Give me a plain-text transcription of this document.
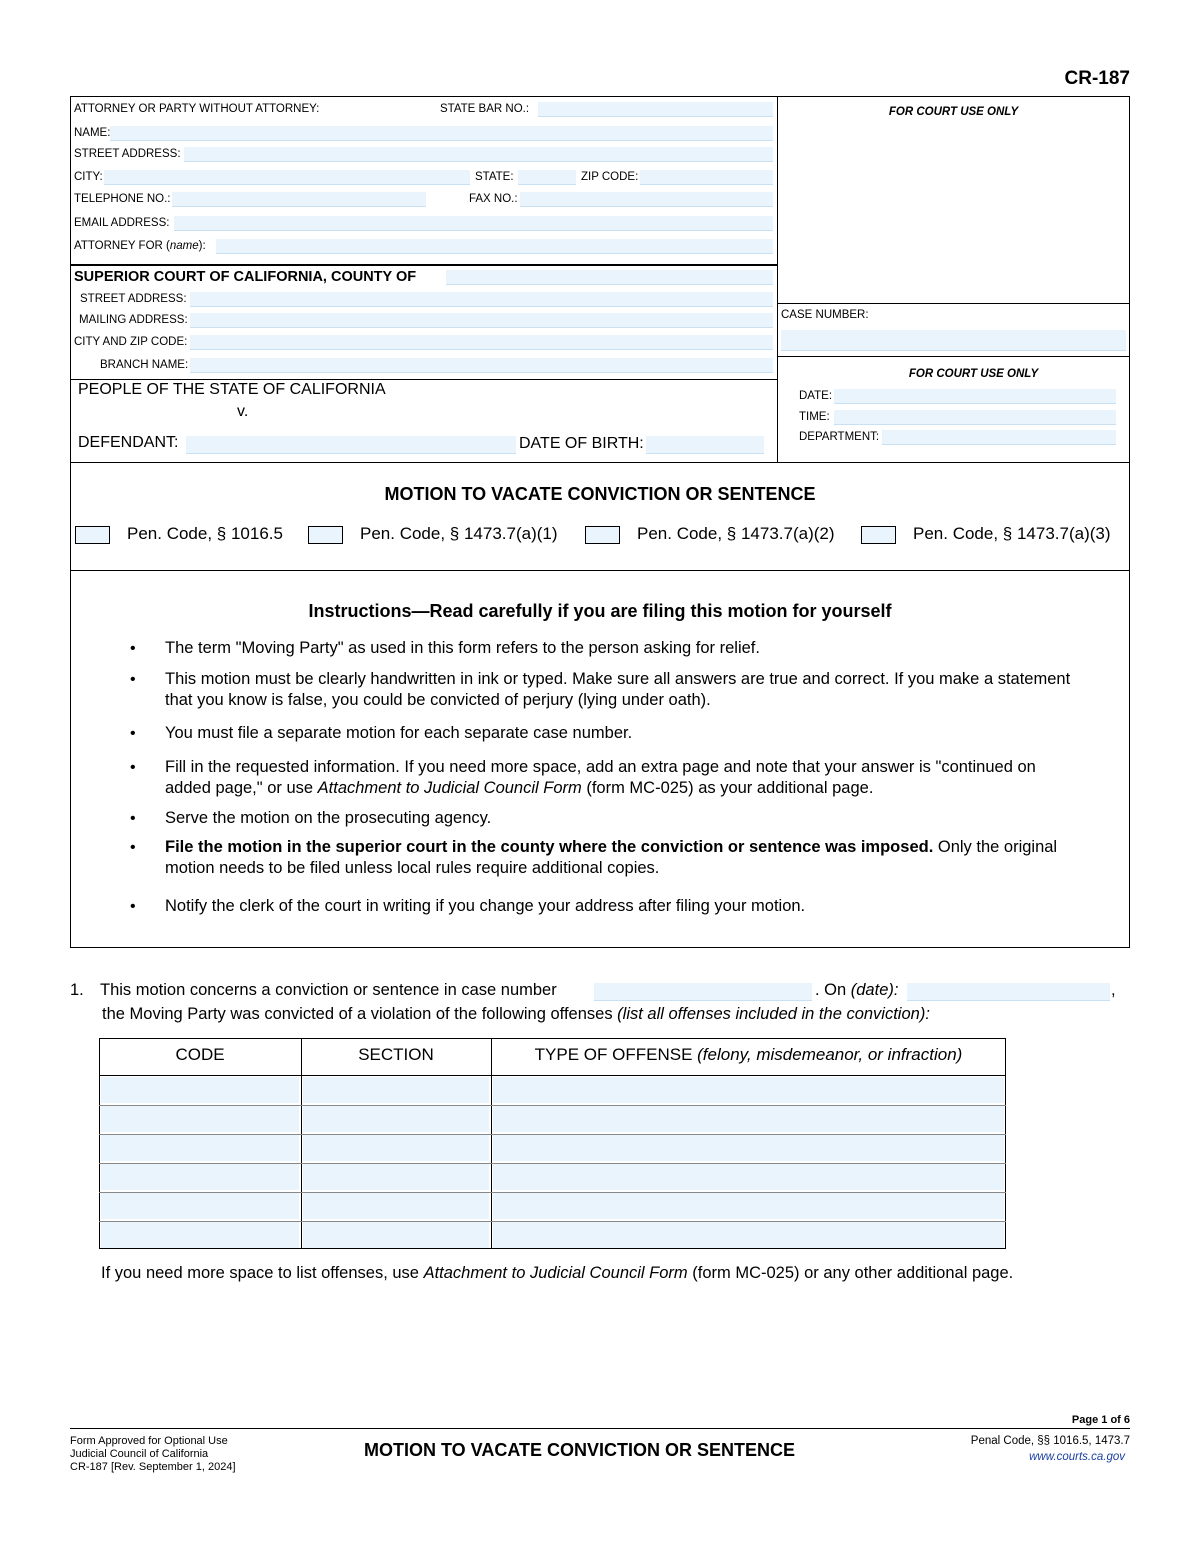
CR-187
ATTORNEY OR PARTY WITHOUT ATTORNEY:	STATE BAR NO.:
NAME:
STREET ADDRESS:
CITY:	STATE:	ZIP CODE:
TELEPHONE NO.:	FAX NO.:
EMAIL ADDRESS:
ATTORNEY FOR (name):
FOR COURT USE ONLY
SUPERIOR COURT OF CALIFORNIA, COUNTY OF
STREET ADDRESS:
MAILING ADDRESS:
CITY AND ZIP CODE:
BRANCH NAME:
CASE NUMBER:
FOR COURT USE ONLY
DATE:
TIME:
DEPARTMENT:
PEOPLE OF THE STATE OF CALIFORNIA
v.
DEFENDANT:	DATE OF BIRTH:
MOTION TO VACATE CONVICTION OR SENTENCE
Pen. Code, § 1016.5	Pen. Code, § 1473.7(a)(1)	Pen. Code, § 1473.7(a)(2)	Pen. Code, § 1473.7(a)(3)
Instructions—Read carefully if you are filing this motion for yourself
• The term "Moving Party" as used in this form refers to the person asking for relief.
• This motion must be clearly handwritten in ink or typed. Make sure all answers are true and correct. If you make a statement that you know is false, you could be convicted of perjury (lying under oath).
• You must file a separate motion for each separate case number.
• Fill in the requested information. If you need more space, add an extra page and note that your answer is "continued on added page," or use Attachment to Judicial Council Form (form MC-025) as your additional page.
• Serve the motion on the prosecuting agency.
• File the motion in the superior court in the county where the conviction or sentence was imposed. Only the original motion needs to be filed unless local rules require additional copies.
• Notify the clerk of the court in writing if you change your address after filing your motion.
1. This motion concerns a conviction or sentence in case number	. On (date):	,
the Moving Party was convicted of a violation of the following offenses (list all offenses included in the conviction):
CODE	SECTION	TYPE OF OFFENSE (felony, misdemeanor, or infraction)
If you need more space to list offenses, use Attachment to Judicial Council Form (form MC-025) or any other additional page.
Page 1 of 6
Form Approved for Optional Use
Judicial Council of California
CR-187 [Rev. September 1, 2024]
MOTION TO VACATE CONVICTION OR SENTENCE	Penal Code, §§ 1016.5, 1473.7
www.courts.ca.gov
